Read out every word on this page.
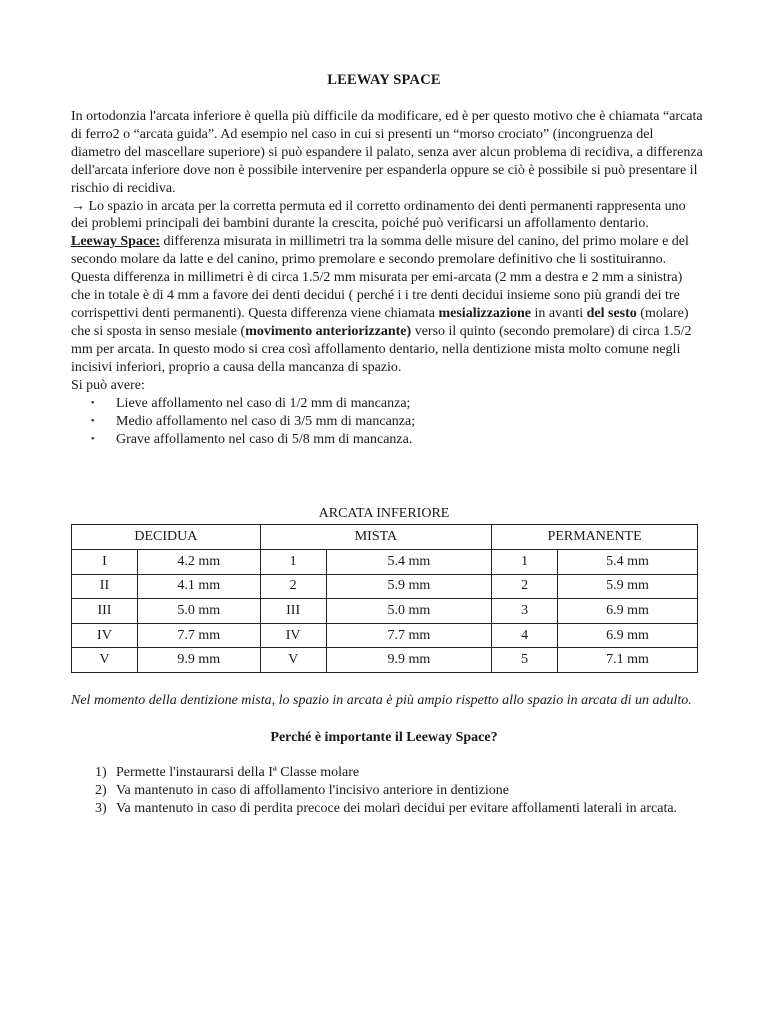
LEEWAY SPACE

In ortodonzia l'arcata inferiore è quella più difficile da modificare, ed è per questo motivo che è chiamata “arcata di ferro2 o “arcata guida”. Ad esempio nel caso in cui si presenti un “morso crociato” (incongruenza del diametro del mascellare superiore) si può espandere il palato, senza aver alcun problema di recidiva, a differenza dell'arcata inferiore dove non è possibile intervenire per espanderla oppure se ciò è possibile si può presentare il rischio di recidiva.

→ Lo spazio in arcata per la corretta permuta ed il corretto ordinamento dei denti permanenti rappresenta uno dei problemi principali dei bambini durante la crescita, poiché può verificarsi un affollamento dentario.

Leeway Space: differenza misurata in millimetri tra la somma delle misure del canino, del primo molare e del secondo molare da latte e del canino, primo premolare e secondo premolare definitivo che li sostituiranno.

Questa differenza in millimetri è di circa 1.5/2 mm misurata per emi-arcata (2 mm a destra e 2 mm a sinistra) che in totale è di 4 mm a favore dei denti decidui ( perché i i tre denti decidui insieme sono più grandi dei tre corrispettivi denti permanenti). Questa differenza viene chiamata mesializzazione in avanti del sesto (molare) che si sposta in senso mesiale (movimento anteriorizzante) verso il quinto (secondo premolare) di circa 1.5/2 mm per arcata. In questo modo si crea così affollamento dentario, nella dentizione mista molto comune negli incisivi inferiori, proprio a causa della mancanza di spazio.

Si può avere:

• Lieve affollamento nel caso di 1/2 mm di mancanza;
• Medio affollamento nel caso di 3/5 mm di mancanza;
• Grave affollamento nel caso di 5/8 mm di mancanza.
ARCATA INFERIORE
DECIDUA		MISTA		PERMANENTE	
I	4.2 mm	1	5.4 mm	1	5.4 mm
II	4.1 mm	2	5.9 mm	2	5.9 mm
III	5.0 mm	III	5.0 mm	3	6.9 mm
IV	7.7 mm	IV	7.7 mm	4	6.9 mm
V	9.9 mm	V	9.9 mm	5	7.1 mm
Nel momento della dentizione mista, lo spazio in arcata è più ampio rispetto allo spazio in arcata di un adulto.
Perché è importante il Leeway Space?
1) Permette l'instaurarsi della Iª Classe molare
2) Va mantenuto in caso di affollamento l'incisivo anteriore in dentizione
3) Va mantenuto in caso di perdita precoce dei molari decidui per evitare affollamenti laterali in arcata.
